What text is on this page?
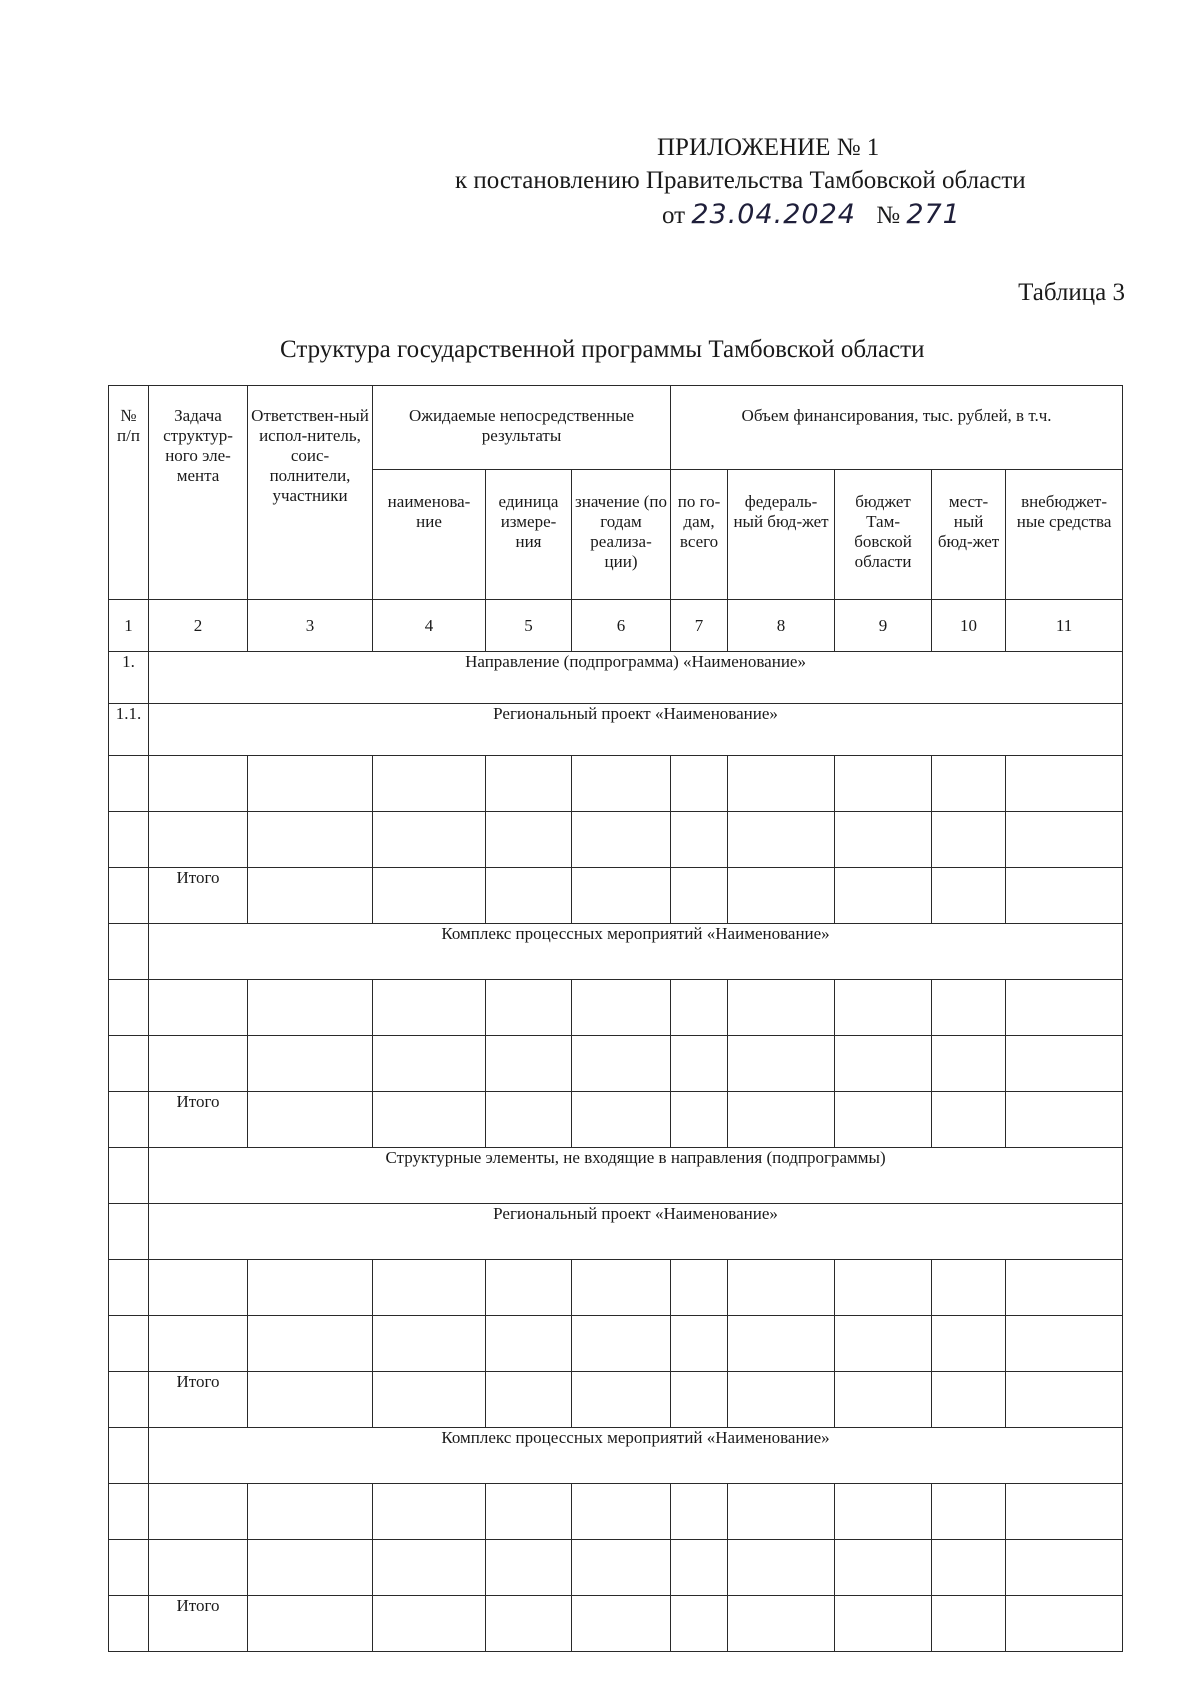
ПРИЛОЖЕНИЕ № 1
к постановлению Правительства Тамбовской области
от 23.04.2024 № 271
Таблица 3
Структура государственной программы Тамбовской области
№ п/п	Задача структур-ного эле-мента	Ответствен-ный испол-нитель, соис-полнители, участники	Ожидаемые непосредственные результаты			Объем финансирования, тыс. рублей, в т.ч.				

			наименова-ние	единица измере-ния	значение (по годам реализа-ции)	по го-дам, всего	федераль-ный бюд-жет	бюджет Там-бовской области	мест-ный бюд-жет	внебюджет-ные средства

1	2	3	4	5	6	7	8	9	10	11
1.	Направление (подпрограмма) «Наименование»									
1.1.	Региональный проект «Наименование»									

	Итого									
	Комплекс процессных мероприятий «Наименование»									

	Итого									
	Структурные элементы, не входящие в направления (подпрограммы)									
	Региональный проект «Наименование»									

	Итого									
	Комплекс процессных мероприятий «Наименование»									

	Итого									
